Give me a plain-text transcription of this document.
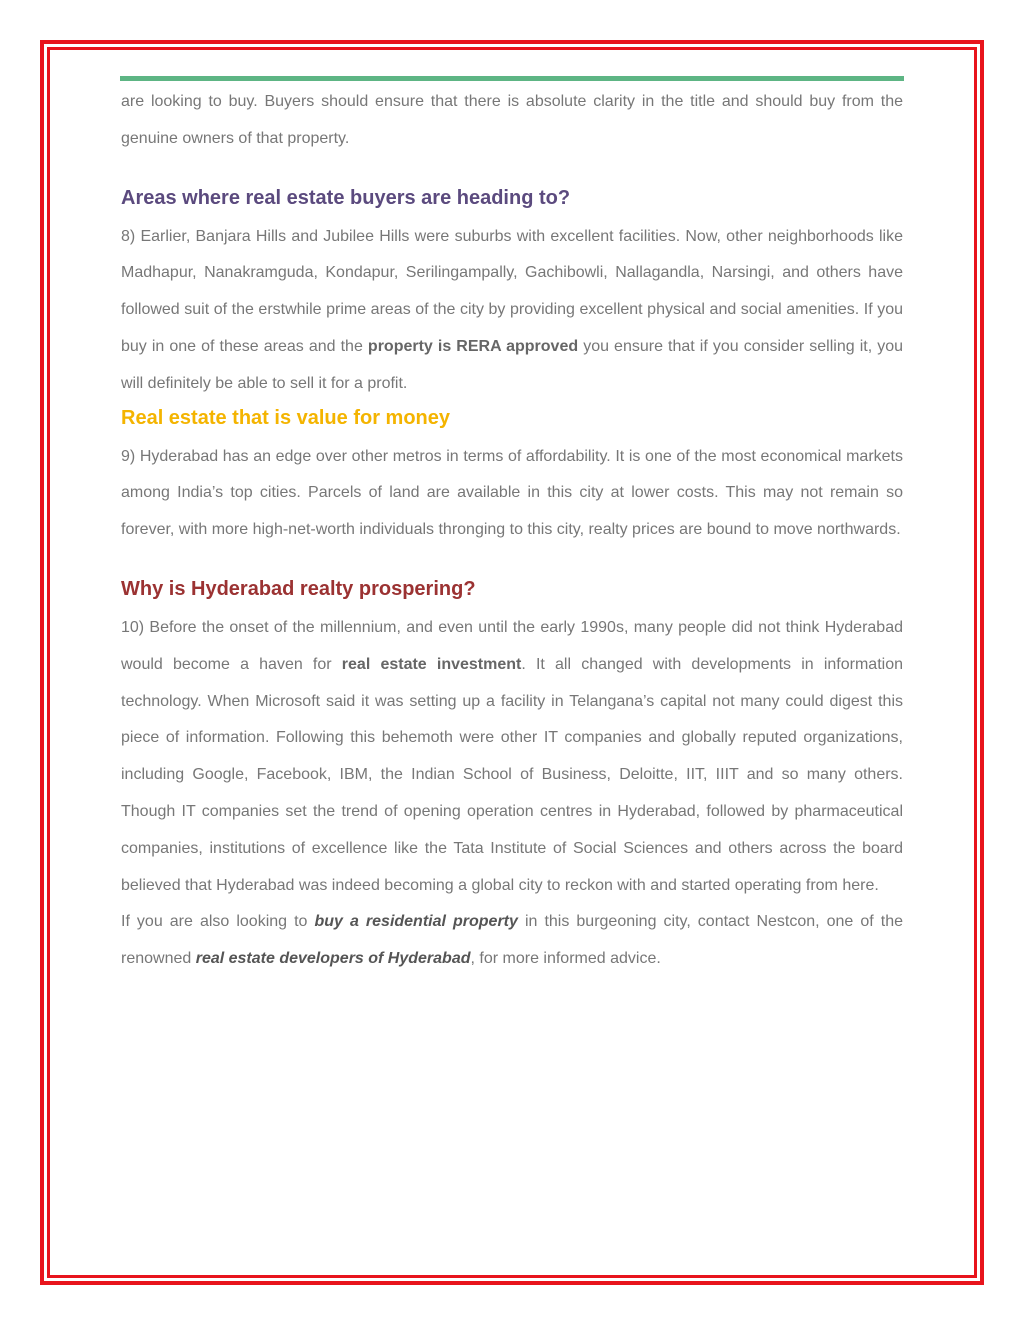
are looking to buy. Buyers should ensure that there is absolute clarity in the title and should buy from the genuine owners of that property.

Areas where real estate buyers are heading to?

8) Earlier, Banjara Hills and Jubilee Hills were suburbs with excellent facilities. Now, other neighborhoods like Madhapur, Nanakramguda, Kondapur, Serilingampally, Gachibowli, Nallagandla, Narsingi, and others have followed suit of the erstwhile prime areas of the city by providing excellent physical and social amenities. If you buy in one of these areas and the property is RERA approved you ensure that if you consider selling it, you will definitely be able to sell it for a profit.

Real estate that is value for money

9) Hyderabad has an edge over other metros in terms of affordability. It is one of the most economical markets among India’s top cities. Parcels of land are available in this city at lower costs. This may not remain so forever, with more high-net-worth individuals thronging to this city, realty prices are bound to move northwards.

Why is Hyderabad realty prospering?

10) Before the onset of the millennium, and even until the early 1990s, many people did not think Hyderabad would become a haven for real estate investment. It all changed with developments in information technology. When Microsoft said it was setting up a facility in Telangana’s capital not many could digest this piece of information. Following this behemoth were other IT companies and globally reputed organizations, including Google, Facebook, IBM, the Indian School of Business, Deloitte, IIT, IIIT and so many others. Though IT companies set the trend of opening operation centres in Hyderabad, followed by pharmaceutical companies, institutions of excellence like the Tata Institute of Social Sciences and others across the board believed that Hyderabad was indeed becoming a global city to reckon with and started operating from here.

If you are also looking to buy a residential property in this burgeoning city, contact Nestcon, one of the renowned real estate developers of Hyderabad, for more informed advice.
